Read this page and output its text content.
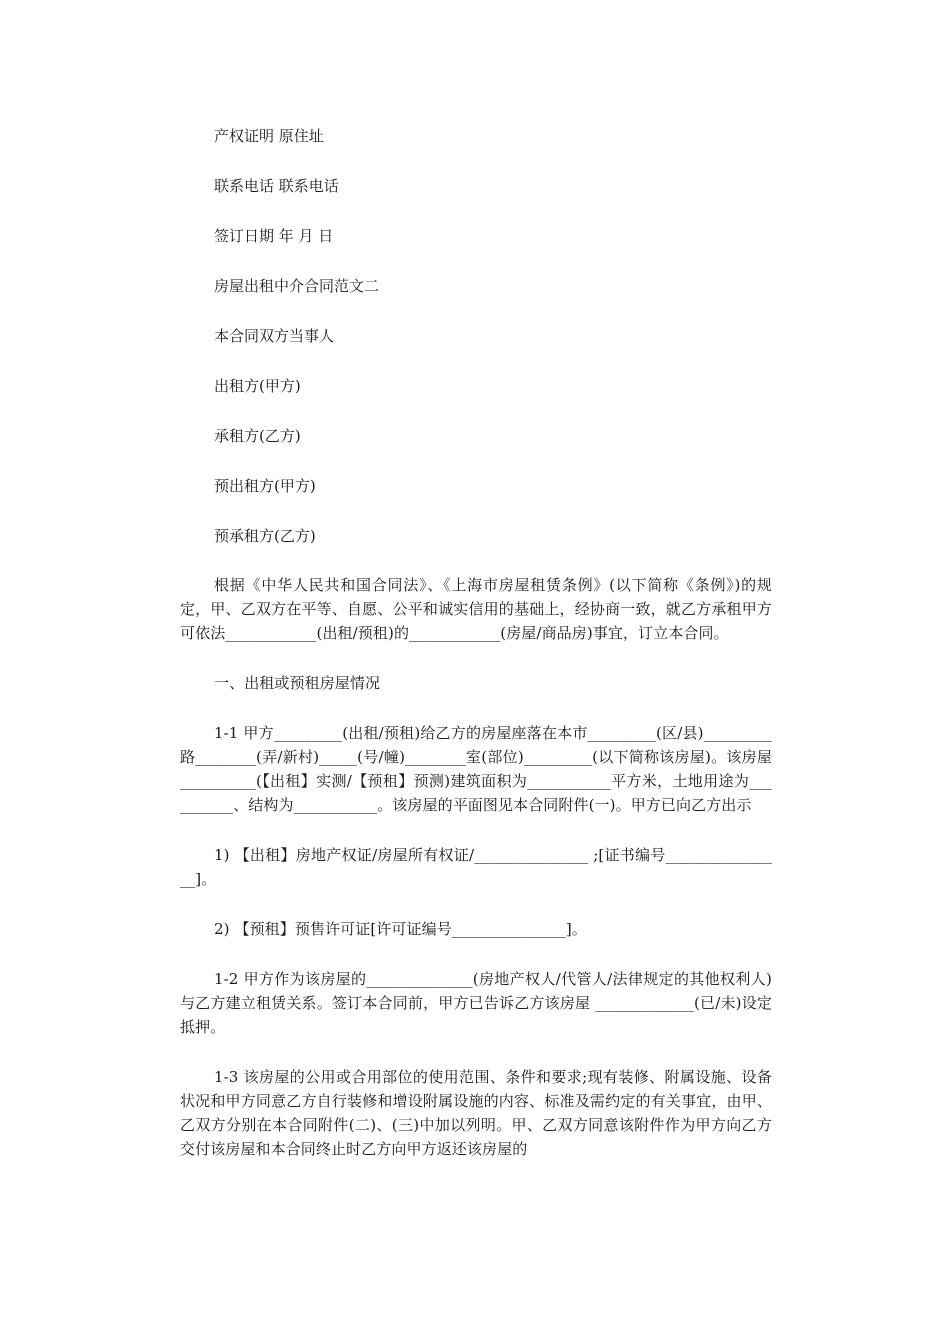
产权证明 原住址

联系电话 联系电话

签订日期 年 月 日

房屋出租中介合同范文二

本合同双方当事人

出租方(甲方)

承租方(乙方)

预出租方(甲方)

预承租方(乙方)

根据《中华人民共和国合同法》、《上海市房屋租赁条例》(以下简称《条例》)的规定，甲、乙双方在平等、自愿、公平和诚实信用的基础上，经协商一致，就乙方承租甲方可依法____________(出租/预租)的____________(房屋/商品房)事宜，订立本合同。

一、出租或预租房屋情况

1-1 甲方_________(出租/预租)给乙方的房屋座落在本市_________(区/县)_________路________(弄/新村)_____(号/幢)________室(部位)_________(以下简称该房屋)。该房屋__________(【出租】实测/【预租】预测)建筑面积为___________平方米，土地用途为__________、结构为___________。该房屋的平面图见本合同附件(一)。甲方已向乙方出示

1) 【出租】房地产权证/房屋所有权证/_______________ ;[证书编号________________]。

2) 【预租】预售许可证[许可证编号_______________]。

1-2 甲方作为该房屋的______________(房地产权人/代管人/法律规定的其他权利人)与乙方建立租赁关系。签订本合同前，甲方已告诉乙方该房屋 _____________(已/未)设定抵押。

1-3 该房屋的公用或合用部位的使用范围、条件和要求;现有装修、附属设施、设备状况和甲方同意乙方自行装修和增设附属设施的内容、标准及需约定的有关事宜，由甲、乙双方分别在本合同附件(二)、(三)中加以列明。甲、乙双方同意该附件作为甲方向乙方交付该房屋和本合同终止时乙方向甲方返还该房屋的
